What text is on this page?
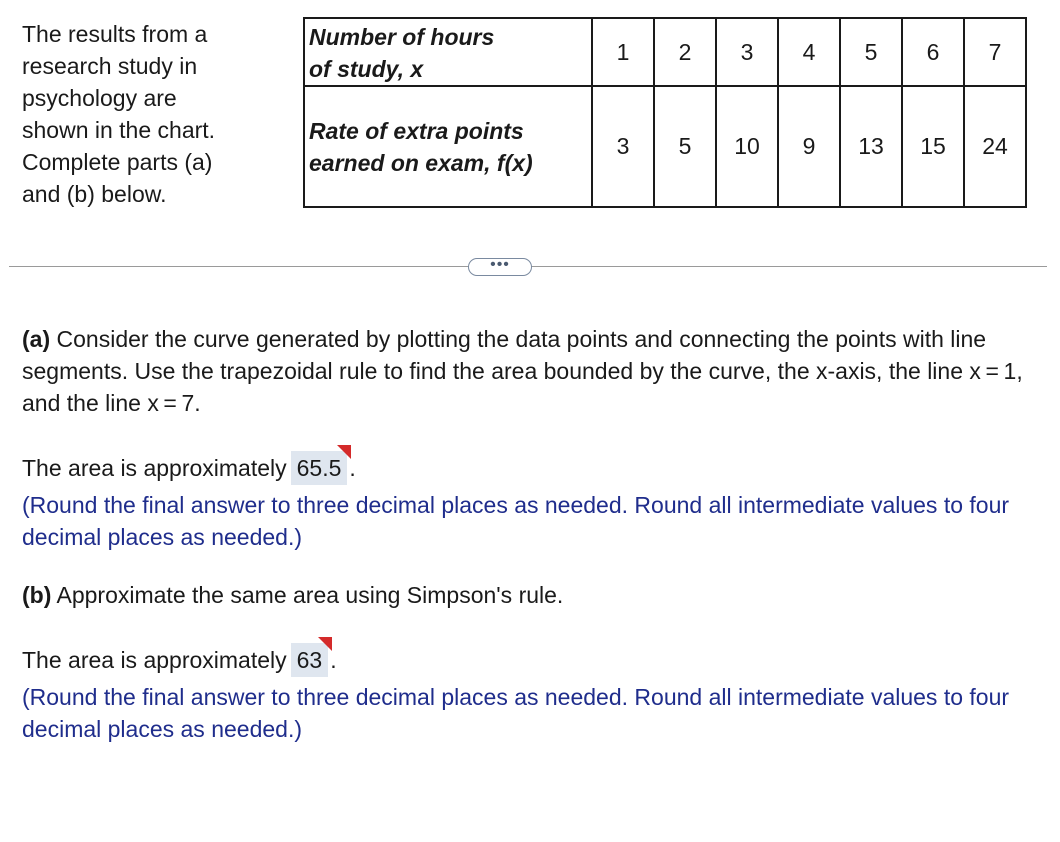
The results from a
research study in
psychology are
shown in the chart.
Complete parts (a)
and (b) below.
Number of hours
of study, x	1	2	3	4	5	6	7
Rate of extra points
earned on exam, f(x)	3	5	10	9	13	15	24
•••
(a) Consider the curve generated by plotting the data points and connecting the points with line segments. Use the trapezoidal rule to find the area bounded by the curve, the x-axis, the line x = 1, and the line x = 7.
The area is approximately 65.5 .
(Round the final answer to three decimal places as needed. Round all intermediate values to four decimal places as needed.)
(b) Approximate the same area using Simpson's rule.
The area is approximately 63 .
(Round the final answer to three decimal places as needed. Round all intermediate values to four decimal places as needed.)
